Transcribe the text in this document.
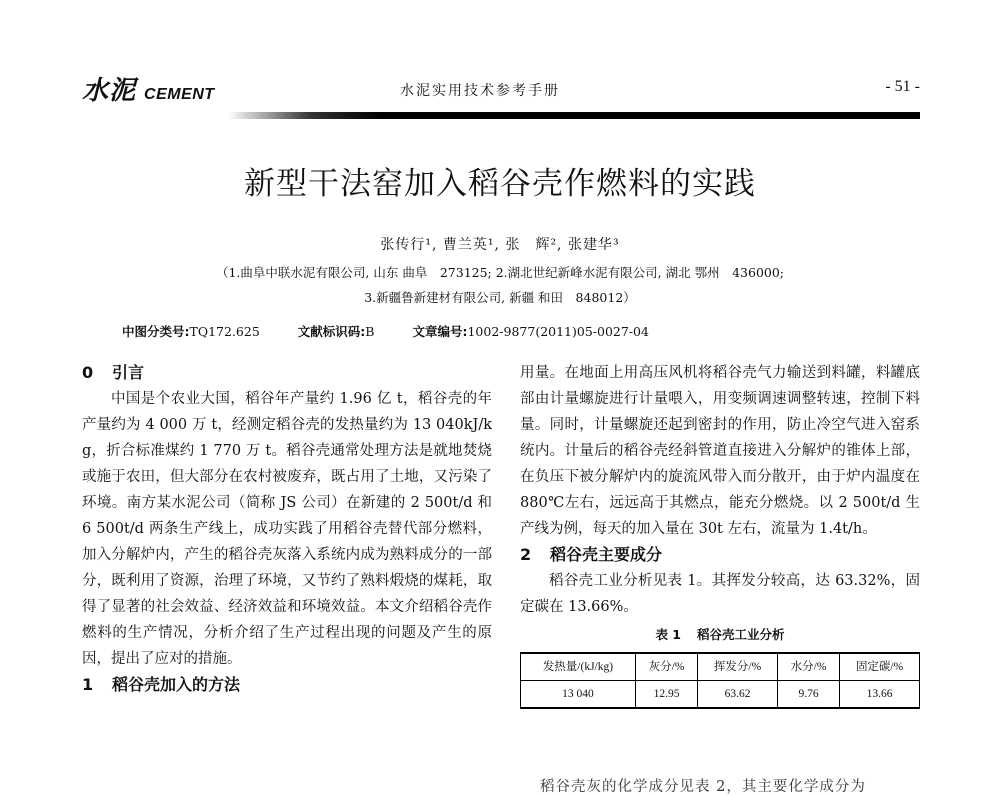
水泥 CEMENT	水泥实用技术参考手册	- 51 -
新型干法窑加入稻谷壳作燃料的实践
张传行¹, 曹兰英¹, 张　辉², 张建华³
（1.曲阜中联水泥有限公司, 山东 曲阜　273125; 2.湖北世纪新峰水泥有限公司, 湖北 鄂州　436000;
3.新疆鲁新建材有限公司, 新疆 和田　848012）
中图分类号:TQ172.625	文献标识码:B	文章编号:1002-9877(2011)05-0027-04
0 引言
中国是个农业大国，稻谷年产量约 1.96 亿 t，稻谷壳的年产量约为 4 000 万 t，经测定稻谷壳的发热量约为 13 040kJ/kg，折合标准煤约 1 770 万 t。稻谷壳通常处理方法是就地焚烧或施于农田，但大部分在农村被废弃，既占用了土地，又污染了环境。南方某水泥公司（简称 JS 公司）在新建的 2 500t/d 和 6 500t/d 两条生产线上，成功实践了用稻谷壳替代部分燃料，加入分解炉内，产生的稻谷壳灰落入系统内成为熟料成分的一部分，既利用了资源，治理了环境，又节约了熟料煅烧的煤耗，取得了显著的社会效益、经济效益和环境效益。本文介绍稻谷壳作燃料的生产情况，分析介绍了生产过程出现的问题及产生的原因，提出了应对的措施。
1 稻谷壳加入的方法
用量。在地面上用高压风机将稻谷壳气力输送到料罐，料罐底部由计量螺旋进行计量喂入，用变频调速调整转速，控制下料量。同时，计量螺旋还起到密封的作用，防止冷空气进入窑系统内。计量后的稻谷壳经斜管道直接进入分解炉的锥体上部，在负压下被分解炉内的旋流风带入而分散开，由于炉内温度在 880℃左右，远远高于其燃点，能充分燃烧。以 2 500t/d 生产线为例，每天的加入量在 30t 左右，流量为 1.4t/h。
2 稻谷壳主要成分
稻谷壳工业分析见表 1。其挥发分较高，达 63.32%，固定碳在 13.66%。
表 1 稻谷壳工业分析
发热量/(kJ/kg)	灰分/%	挥发分/%	水分/%	固定碳/%
13 040	12.95	63.62	9.76	13.66
稻谷壳灰的化学成分见表 2，其主要化学成分为
